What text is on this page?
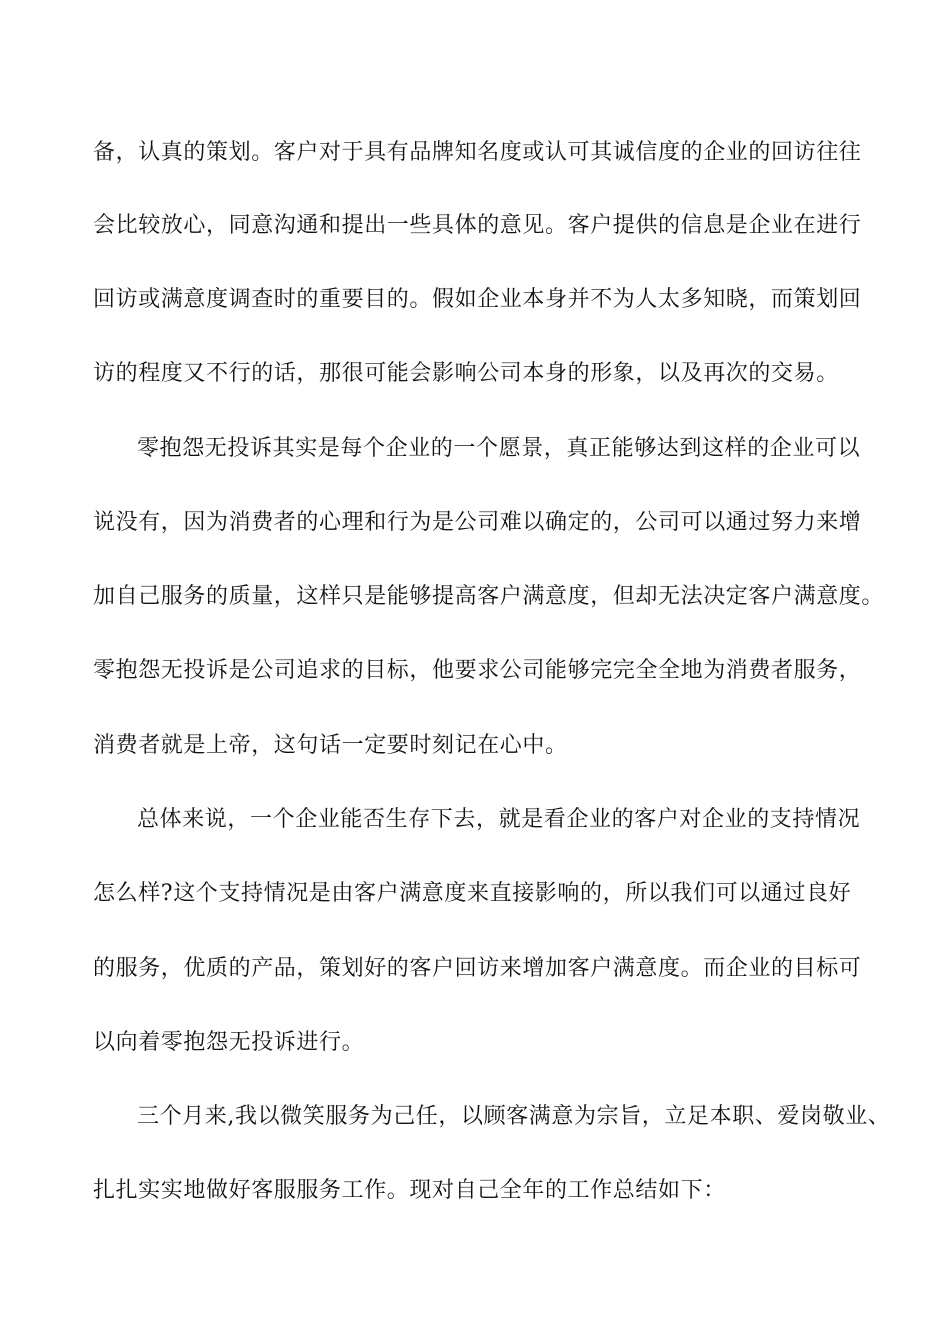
备，认真的策划。客户对于具有品牌知名度或认可其诚信度的企业的回访往往
会比较放心，同意沟通和提出一些具体的意见。客户提供的信息是企业在进行
回访或满意度调查时的重要目的。假如企业本身并不为人太多知晓，而策划回
访的程度又不行的话，那很可能会影响公司本身的形象，以及再次的交易。
零抱怨无投诉其实是每个企业的一个愿景，真正能够达到这样的企业可以
说没有，因为消费者的心理和行为是公司难以确定的，公司可以通过努力来增
加自己服务的质量，这样只是能够提高客户满意度，但却无法决定客户满意度。
零抱怨无投诉是公司追求的目标，他要求公司能够完完全全地为消费者服务，
消费者就是上帝，这句话一定要时刻记在心中。
总体来说，一个企业能否生存下去，就是看企业的客户对企业的支持情况
怎么样?这个支持情况是由客户满意度来直接影响的，所以我们可以通过良好
的服务，优质的产品，策划好的客户回访来增加客户满意度。而企业的目标可
以向着零抱怨无投诉进行。
三个月来,我以微笑服务为己任，以顾客满意为宗旨，立足本职、爱岗敬业、
扎扎实实地做好客服服务工作。现对自己全年的工作总结如下：
